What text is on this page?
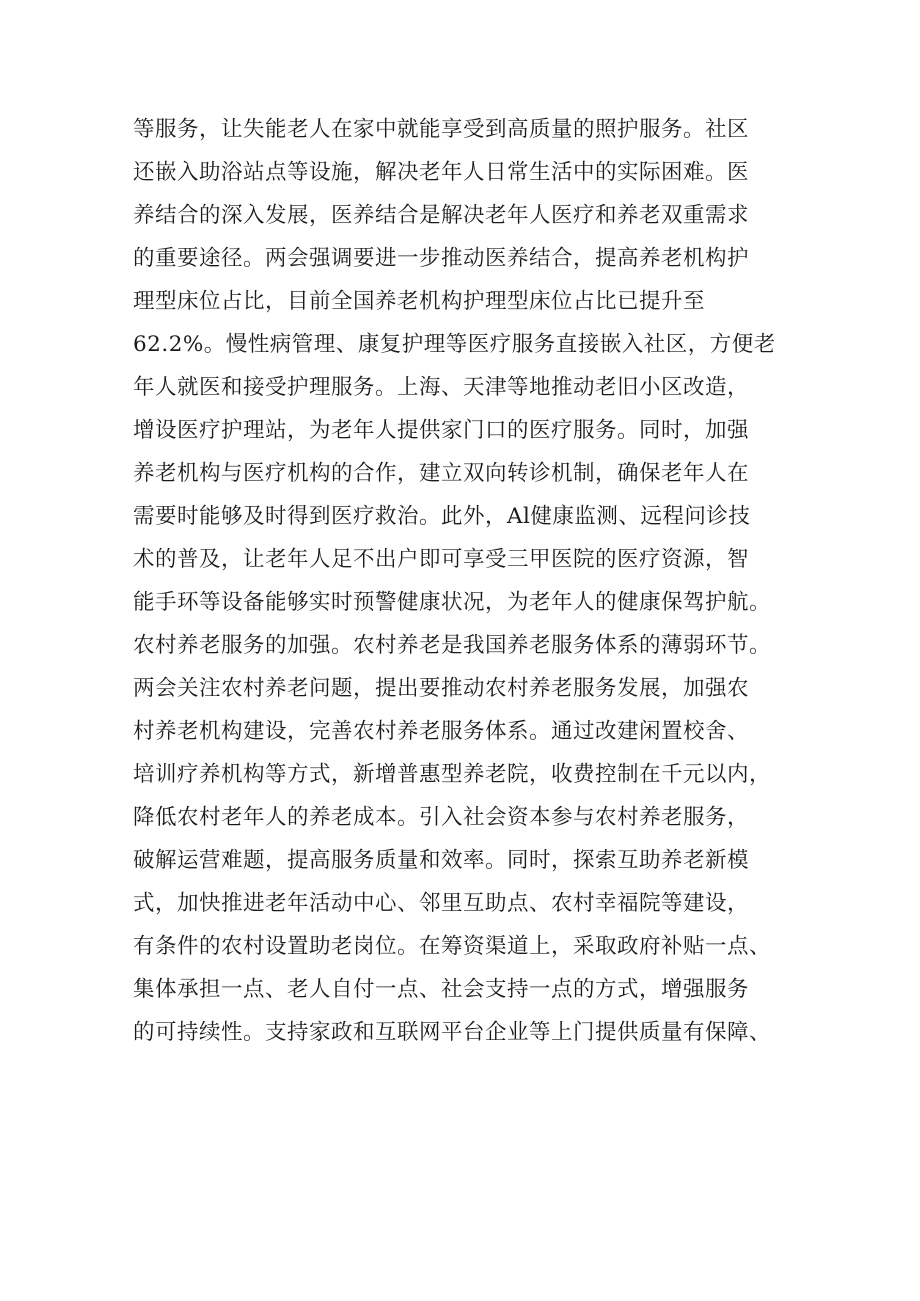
等服务，让失能老人在家中就能享受到高质量的照护服务。社区
还嵌入助浴站点等设施，解决老年人日常生活中的实际困难。医
养结合的深入发展，医养结合是解决老年人医疗和养老双重需求
的重要途径。两会强调要进一步推动医养结合，提高养老机构护
理型床位占比，目前全国养老机构护理型床位占比已提升至
62.2%。慢性病管理、康复护理等医疗服务直接嵌入社区，方便老
年人就医和接受护理服务。上海、天津等地推动老旧小区改造，
增设医疗护理站，为老年人提供家门口的医疗服务。同时，加强
养老机构与医疗机构的合作，建立双向转诊机制，确保老年人在
需要时能够及时得到医疗救治。此外，Al健康监测、远程问诊技
术的普及，让老年人足不出户即可享受三甲医院的医疗资源，智
能手环等设备能够实时预警健康状况，为老年人的健康保驾护航。
农村养老服务的加强。农村养老是我国养老服务体系的薄弱环节。
两会关注农村养老问题，提出要推动农村养老服务发展，加强农
村养老机构建设，完善农村养老服务体系。通过改建闲置校舍、
培训疗养机构等方式，新增普惠型养老院，收费控制在千元以内，
降低农村老年人的养老成本。引入社会资本参与农村养老服务，
破解运营难题，提高服务质量和效率。同时，探索互助养老新模
式，加快推进老年活动中心、邻里互助点、农村幸福院等建设，
有条件的农村设置助老岗位。在筹资渠道上，采取政府补贴一点、
集体承担一点、老人自付一点、社会支持一点的方式，增强服务
的可持续性。支持家政和互联网平台企业等上门提供质量有保障、
